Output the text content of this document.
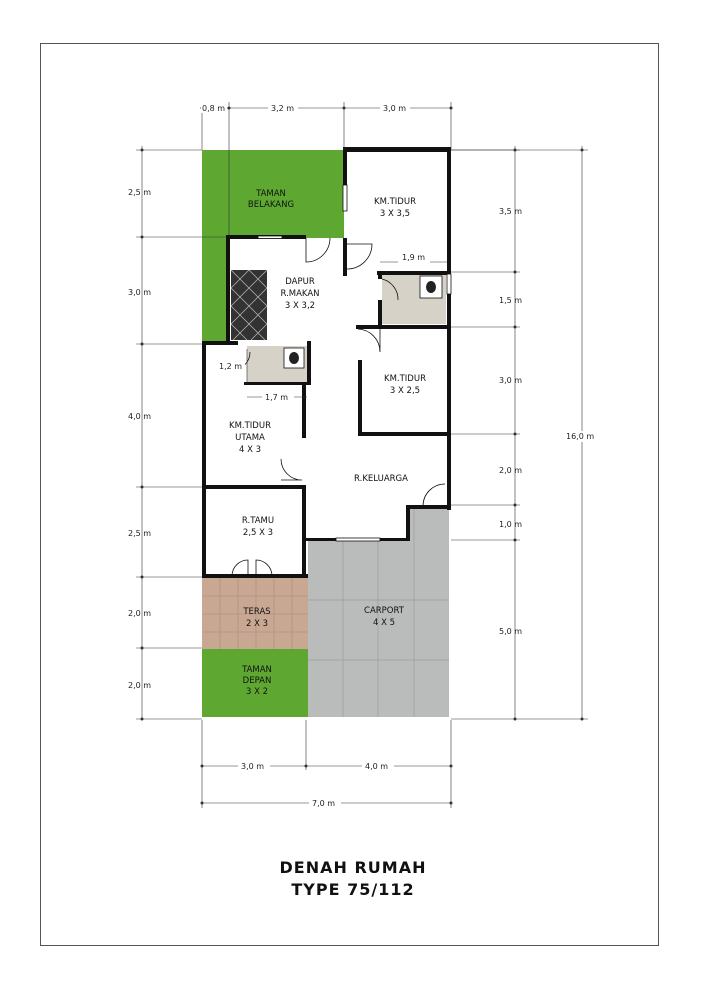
0,8 m	3,2 m	3,0 m
2,5 m
3,0 m
4,0 m
2,5 m
2,0 m
2,0 m
3,5 m
1,5 m
3,0 m
2,0 m
1,0 m
5,0 m
16,0 m
3,0 m	4,0 m
7,0 m
1,9 m
1,2 m
1,7 m
TAMAN
BELAKANG	KM.TIDUR
3 X 3,5
DAPUR
R.MAKAN
3 X 3,2
KM.TIDUR
3 X 2,5
KM.TIDUR
UTAMA
4 X 3
R.KELUARGA
R.TAMU
2,5 X 3
TERAS
2 X 3
CARPORT
4 X 5
TAMAN
DEPAN
3 X 2
DENAH RUMAH
TYPE 75/112
